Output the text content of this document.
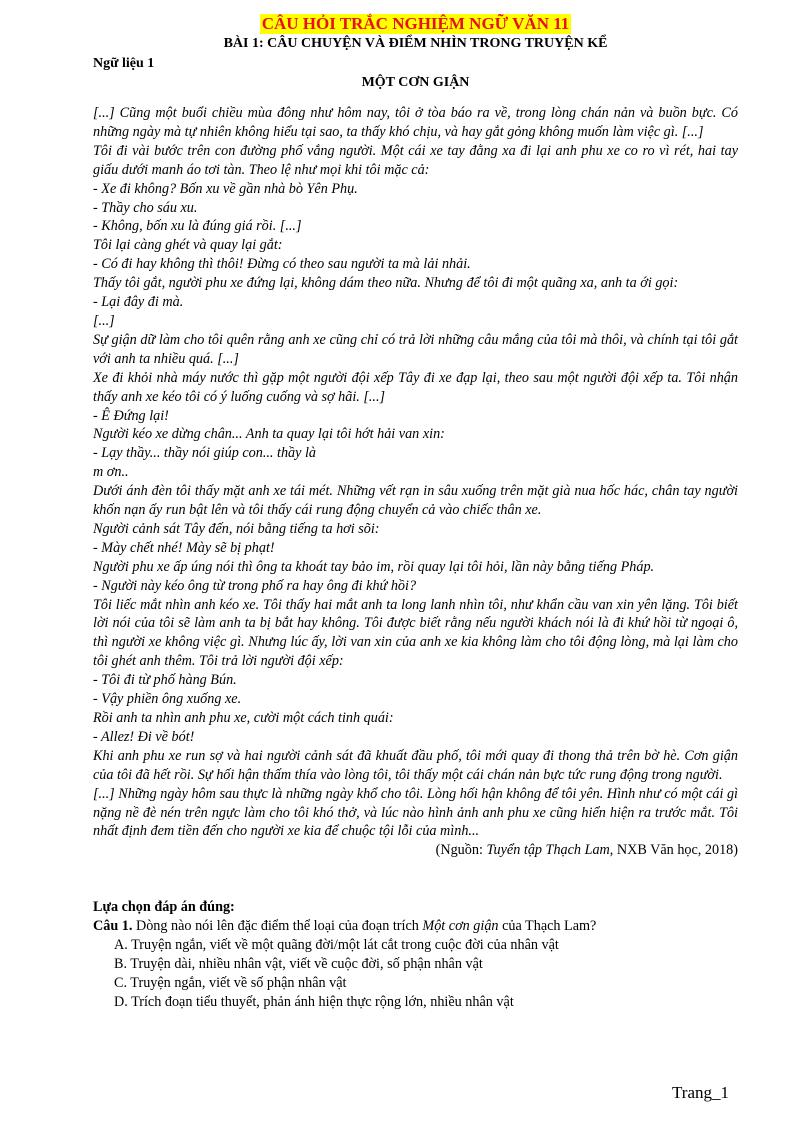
CÂU HỎI TRẮC NGHIỆM NGỮ VĂN 11
BÀI 1: CÂU CHUYỆN VÀ ĐIỂM NHÌN TRONG TRUYỆN KỂ
Ngữ liệu 1
MỘT CƠN GIẬN

[...] Cũng một buổi chiều mùa đông như hôm nay, tôi ở tòa báo ra về, trong lòng chán nản và buồn bực. Có những ngày mà tự nhiên không hiểu tại sao, ta thấy khó chịu, và hay gắt gỏng không muốn làm việc gì. [...]

Tôi đi vài bước trên con đường phố vắng người. Một cái xe tay đằng xa đi lại anh phu xe co ro vì rét, hai tay giấu dưới manh áo tơi tàn. Theo lệ như mọi khi tôi mặc cả:

- Xe đi không? Bốn xu về gần nhà bò Yên Phụ.

- Thầy cho sáu xu.

- Không, bốn xu là đúng giá rồi. [...]

Tôi lại càng ghét và quay lại gắt:

- Có đi hay không thì thôi! Đừng có theo sau người ta mà lải nhải.

Thấy tôi gắt, người phu xe đứng lại, không dám theo nữa. Nhưng để tôi đi một quãng xa, anh ta ới gọi:

- Lại đây đi mà.

[...]

Sự giận dữ làm cho tôi quên rằng anh xe cũng chỉ có trả lời những câu mắng của tôi mà thôi, và chính tại tôi gắt với anh ta nhiều quá. [...]

Xe đi khỏi nhà máy nước thì gặp một người đội xếp Tây đi xe đạp lại, theo sau một người đội xếp ta. Tôi nhận thấy anh xe kéo tôi có ý luống cuống và sợ hãi. [...]

- Ê Đứng lại!

Người kéo xe dừng chân... Anh ta quay lại tôi hớt hải van xin:

- Lạy thầy... thầy nói giúp con... thầy là

m ơn..

Dưới ánh đèn tôi thấy mặt anh xe tái mét. Những vết rạn in sâu xuống trên mặt già nua hốc hác, chân tay người khốn nạn ấy run bật lên và tôi thấy cái rung động chuyển cả vào chiếc thân xe.

Người cảnh sát Tây đến, nói bằng tiếng ta hơi sõi:

- Mày chết nhé! Mày sẽ bị phạt!

Người phu xe ấp úng nói thì ông ta khoát tay bảo im, rồi quay lại tôi hỏi, lần này bằng tiếng Pháp.

- Người này kéo ông từ trong phố ra hay ông đi khứ hồi?

Tôi liếc mắt nhìn anh kéo xe. Tôi thấy hai mắt anh ta long lanh nhìn tôi, như khẩn cầu van xin yên lặng. Tôi biết lời nói của tôi sẽ làm anh ta bị bắt hay không. Tôi được biết rằng nếu người khách nói là đi khứ hồi từ ngoại ô, thì người xe không việc gì. Nhưng lúc ấy, lời van xin của anh xe kia không làm cho tôi động lòng, mà lại làm cho tôi ghét anh thêm. Tôi trả lời người đội xếp:

- Tôi đi từ phố hàng Bún.

- Vậy phiền ông xuống xe.

Rồi anh ta nhìn anh phu xe, cười một cách tinh quái:

- Allez! Đi về bót!

Khi anh phu xe run sợ và hai người cảnh sát đã khuất đầu phố, tôi mới quay đi thong thả trên bờ hè. Cơn giận của tôi đã hết rồi. Sự hối hận thấm thía vào lòng tôi, tôi thấy một cái chán nản bực tức rung động trong người.

[...] Những ngày hôm sau thực là những ngày khổ cho tôi. Lòng hối hận không để tôi yên. Hình như có một cái gì nặng nề đè nén trên ngực làm cho tôi khó thở, và lúc nào hình ảnh anh phu xe cũng hiển hiện ra trước mắt. Tôi nhất định đem tiền đến cho người xe kia để chuộc tội lỗi của mình...

(Nguồn: Tuyển tập Thạch Lam, NXB Văn học, 2018)

Lựa chọn đáp án đúng:

Câu 1. Dòng nào nói lên đặc điểm thể loại của đoạn trích Một cơn giận của Thạch Lam?

A. Truyện ngắn, viết về một quãng đời/một lát cắt trong cuộc đời của nhân vật

B. Truyện dài, nhiều nhân vật, viết về cuộc đời, số phận nhân vật

C. Truyện ngắn, viết về số phận nhân vật

D. Trích đoạn tiểu thuyết, phản ánh hiện thực rộng lớn, nhiều nhân vật

Trang_1
